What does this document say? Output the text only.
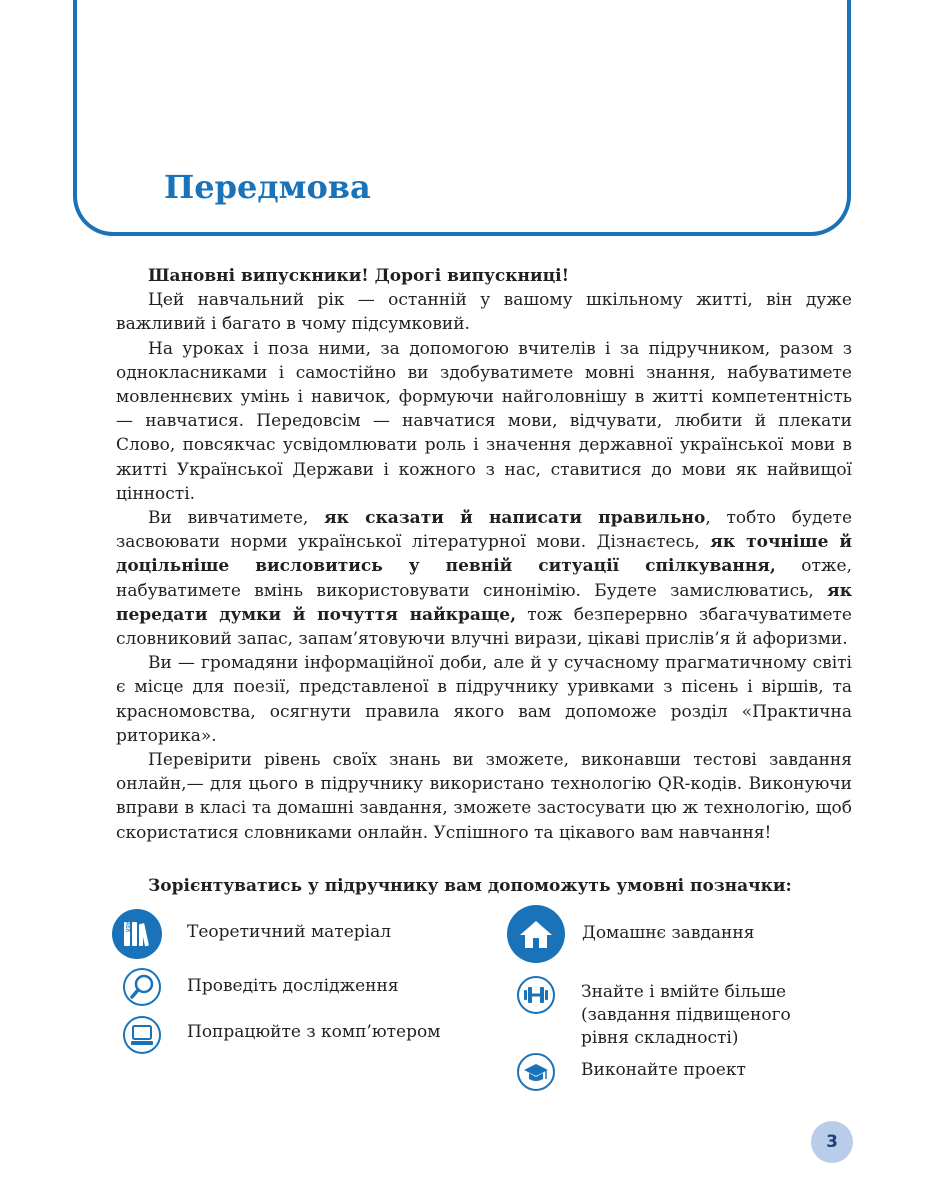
Передмова

Шановні випускники! Дорогі випускниці!

Цей навчальний рік — останній у вашому шкільному житті, він дуже важливий і багато в чому підсумковий.

На уроках і поза ними, за допомогою вчителів і за підручником, разом з однокласниками і самостійно ви здобуватимете мовні знання, набуватимете мовленнєвих умінь і навичок, формуючи найголовнішу в житті компетентність — навчатися. Передовсім — навчатися мови, відчувати, любити й плекати Слово, повсякчас усвідомлювати роль і значення державної української мови в житті Української Держави і кожного з нас, ставитися до мови як найвищої цінності.

Ви вивчатимете, як сказати й написати правильно, тобто будете засвоювати норми української літературної мови. Дізнаєтесь, як точніше й доцільніше висловитись у певній ситуації спілкування, отже, набуватимете вмінь використовувати синонімію. Будете замислюватись, як передати думки й почуття найкраще, тож безперервно збагачуватимете словниковий запас, запам’ятовуючи влучні вирази, цікаві прислів’я й афоризми.

Ви — громадяни інформаційної доби, але й у сучасному прагматичному світі є місце для поезії, представленої в підручнику уривками з пісень і віршів, та красномовства, осягнути правила якого вам допоможе розділ «Практична риторика».

Перевірити рівень своїх знань ви зможете, виконавши тестові завдання онлайн,— для цього в підручнику використано технологію QR-кодів. Виконуючи вправи в класі та домашні завдання, зможете застосувати цю ж технологію, щоб скористатися словниками онлайн. Успішного та цікавого вам навчання!

Зорієнтуватись у підручнику вам допоможуть умовні позначки:

АБВ	Теоретичний матеріал
Проведіть дослідження
Попрацюйте з комп’ютером
Домашнє завдання
Знайте і вмійте більше (завдання підвищеного рівня складності)
Виконайте проект
3
